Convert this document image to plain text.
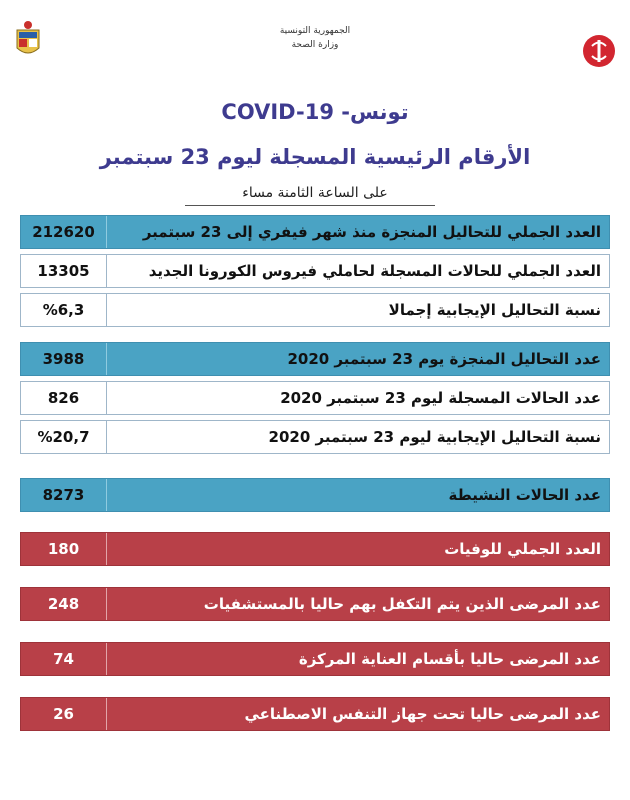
الجمهورية التونسية
وزارة الصحة
COVID-19 -تونس
الأرقام الرئيسية المسجلة ليوم 23 سبتمبر
على الساعة الثامنة مساء
العدد الجملي للتحاليل المنجزة منذ شهر فيفري إلى 23 سبتمبر
212620
العدد الجملي للحالات المسجلة لحاملي فيروس الكورونا الجديد
13305
نسبة التحاليل الإيجابية إجمالا
%6,3
عدد التحاليل المنجزة يوم 23 سبتمبر 2020
3988
عدد الحالات المسجلة ليوم 23 سبتمبر 2020
826
نسبة التحاليل الإيجابية ليوم 23 سبتمبر 2020
%20,7
عدد الحالات النشيطة
8273
العدد الجملي للوفيات
180
عدد المرضى الذين يتم التكفل بهم حاليا بالمستشفيات
248
عدد المرضى حاليا بأقسام العناية المركزة
74
عدد المرضى حاليا تحت جهاز التنفس الاصطناعي
26
